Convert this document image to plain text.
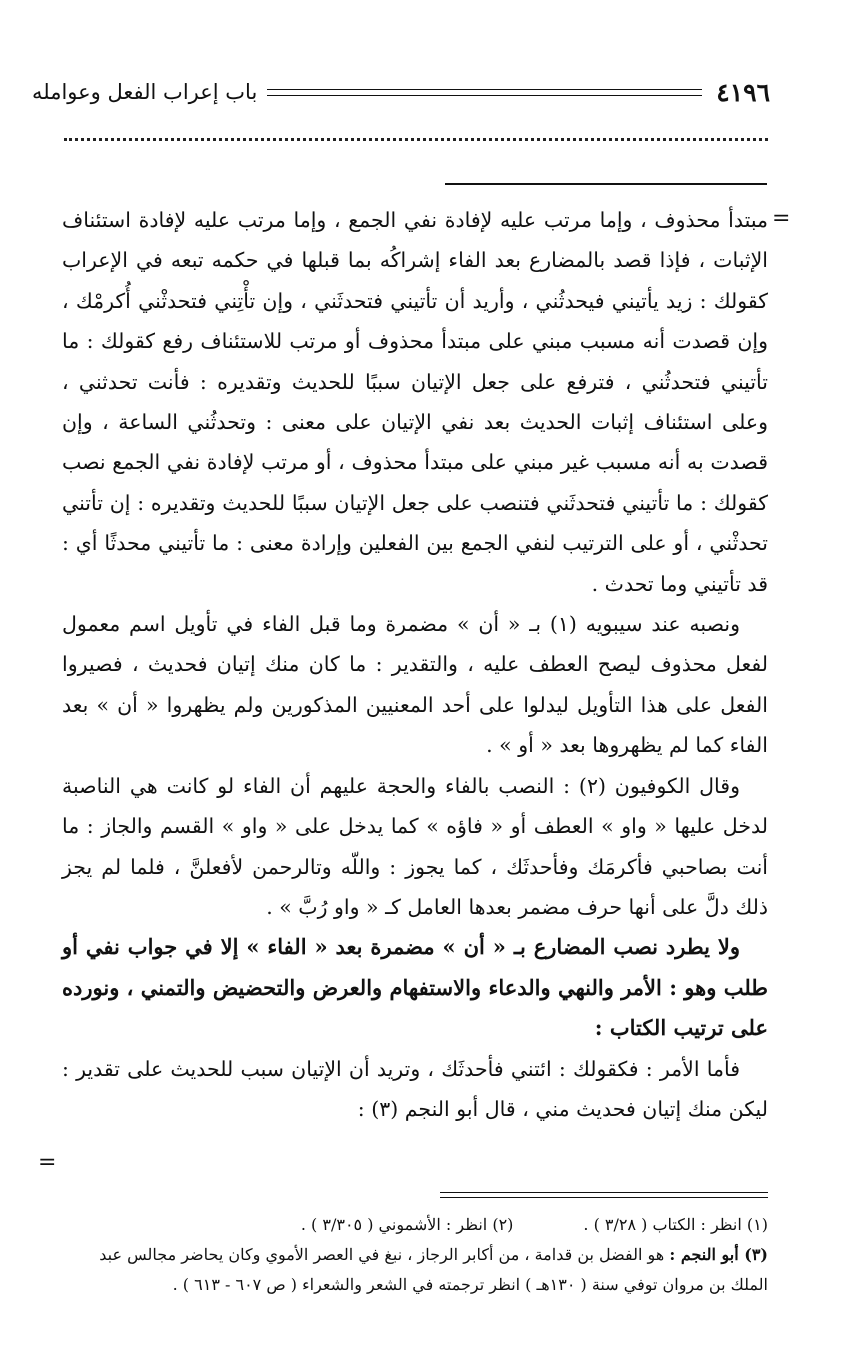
٤١٩٦
باب إعراب الفعل وعوامله
=

مبتدأ محذوف ، وإما مرتب عليه لإفادة نفي الجمع ، وإما مرتب عليه لإفادة استئناف الإثبات ، فإذا قصد بالمضارع بعد الفاء إشراكُه بما قبلها في حكمه تبعه في الإعراب كقولك : زيد يأتيني فيحدثُني ، وأريد أن تأتيني فتحدثَني ، وإن تأْتِني فتحدثْني أُكرمْك ، وإن قصدت أنه مسبب مبني على مبتدأ محذوف أو مرتب للاستئناف رفع كقولك : ما تأتيني فتحدثُني ، فترفع على جعل الإتيان سببًا للحديث وتقديره : فأنت تحدثني ، وعلى استئناف إثبات الحديث بعد نفي الإتيان على معنى : وتحدثُني الساعة ، وإن قصدت به أنه مسبب غير مبني على مبتدأ محذوف ، أو مرتب لإفادة نفي الجمع نصب كقولك : ما تأتيني فتحدثَني فتنصب على جعل الإتيان سببًا للحديث وتقديره : إن تأتني تحدثْني ، أو على الترتيب لنفي الجمع بين الفعلين وإرادة معنى : ما تأتيني محدثًا أي : قد تأتيني وما تحدث .

ونصبه عند سيبويه (١) بـ « أن » مضمرة وما قبل الفاء في تأويل اسم معمول لفعل محذوف ليصح العطف عليه ، والتقدير : ما كان منك إتيان فحديث ، فصيروا الفعل على هذا التأويل ليدلوا على أحد المعنيين المذكورين ولم يظهروا « أن » بعد الفاء كما لم يظهروها بعد « أو » .

وقال الكوفيون (٢) : النصب بالفاء والحجة عليهم أن الفاء لو كانت هي الناصبة لدخل عليها « واو » العطف أو « فاؤه » كما يدخل على « واو » القسم والجاز : ما أنت بصاحبي فأكرمَك وفأحدثَك ، كما يجوز : واللّه وتالرحمن لأفعلنَّ ، فلما لم يجز ذلك دلَّ على أنها حرف مضمر بعدها العامل كـ « واو رُبَّ » .

ولا يطرد نصب المضارع بـ « أن » مضمرة بعد « الفاء » إلا في جواب نفي أو طلب وهو : الأمر والنهي والدعاء والاستفهام والعرض والتحضيض والتمني ، ونورده على ترتيب الكتاب :

فأما الأمر : فكقولك : ائتني فأحدثَك ، وتريد أن الإتيان سبب للحديث على تقدير : ليكن منك إتيان فحديث مني ، قال أبو النجم (٣) :

=
(١) انظر : الكتاب ( ٣/٢٨ ) .
(٢) انظر : الأشموني ( ٣/٣٠٥ ) .
(٣) أبو النجم : هو الفضل بن قدامة ، من أكابر الرجاز ، نبغ في العصر الأموي وكان يحاضر مجالس عبد الملك بن مروان توفي سنة ( ١٣٠هـ ) انظر ترجمته في الشعر والشعراء ( ص ٦٠٧ - ٦١٣ ) .
